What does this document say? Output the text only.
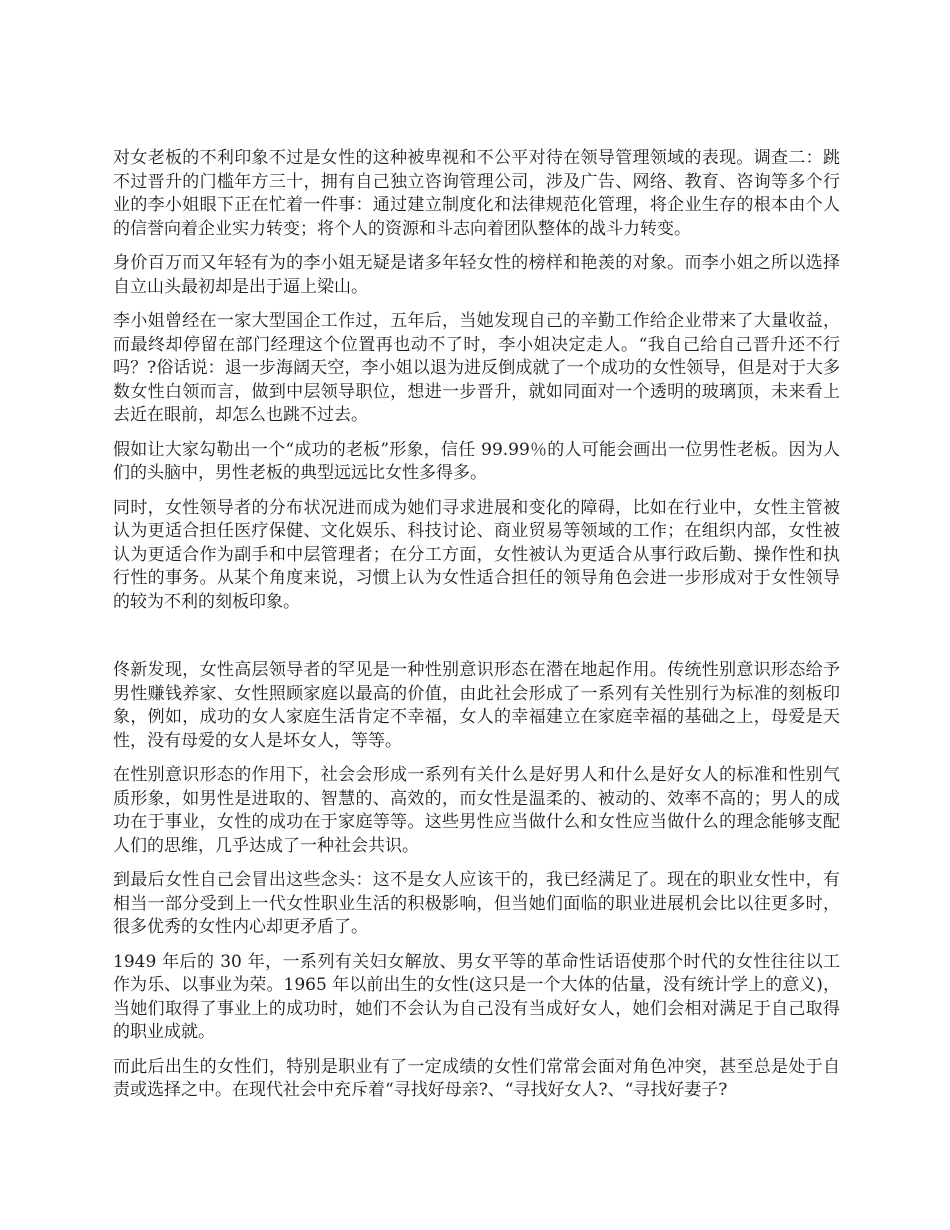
对女老板的不利印象不过是女性的这种被卑视和不公平对待在领导管理领域的表现。调查二：跳不过晋升的门槛年方三十，拥有自己独立咨询管理公司，涉及广告、网络、教育、咨询等多个行业的李小姐眼下正在忙着一件事：通过建立制度化和法律规范化管理，将企业生存的根本由个人的信誉向着企业实力转变；将个人的资源和斗志向着团队整体的战斗力转变。

身价百万而又年轻有为的李小姐无疑是诸多年轻女性的榜样和艳羡的对象。而李小姐之所以选择自立山头最初却是出于逼上梁山。

李小姐曾经在一家大型国企工作过，五年后，当她发现自己的辛勤工作给企业带来了大量收益，而最终却停留在部门经理这个位置再也动不了时，李小姐决定走人。“我自己给自己晋升还不行吗？?俗话说：退一步海阔天空，李小姐以退为进反倒成就了一个成功的女性领导，但是对于大多数女性白领而言，做到中层领导职位，想进一步晋升，就如同面对一个透明的玻璃顶，未来看上去近在眼前，却怎么也跳不过去。

假如让大家勾勒出一个“成功的老板”形象，信任 99.99％的人可能会画出一位男性老板。因为人们的头脑中，男性老板的典型远远比女性多得多。

同时，女性领导者的分布状况进而成为她们寻求进展和变化的障碍，比如在行业中，女性主管被认为更适合担任医疗保健、文化娱乐、科技讨论、商业贸易等领域的工作；在组织内部，女性被认为更适合作为副手和中层管理者；在分工方面，女性被认为更适合从事行政后勤、操作性和执行性的事务。从某个角度来说，习惯上认为女性适合担任的领导角色会进一步形成对于女性领导的较为不利的刻板印象。

佟新发现，女性高层领导者的罕见是一种性别意识形态在潜在地起作用。传统性别意识形态给予男性赚钱养家、女性照顾家庭以最高的价值，由此社会形成了一系列有关性别行为标准的刻板印象，例如，成功的女人家庭生活肯定不幸福，女人的幸福建立在家庭幸福的基础之上，母爱是天性，没有母爱的女人是坏女人，等等。

在性别意识形态的作用下，社会会形成一系列有关什么是好男人和什么是好女人的标准和性别气质形象，如男性是进取的、智慧的、高效的，而女性是温柔的、被动的、效率不高的；男人的成功在于事业，女性的成功在于家庭等等。这些男性应当做什么和女性应当做什么的理念能够支配人们的思维，几乎达成了一种社会共识。

到最后女性自己会冒出这些念头：这不是女人应该干的，我已经满足了。现在的职业女性中，有相当一部分受到上一代女性职业生活的积极影响，但当她们面临的职业进展机会比以往更多时，很多优秀的女性内心却更矛盾了。

1949 年后的 30 年，一系列有关妇女解放、男女平等的革命性话语使那个时代的女性往往以工作为乐、以事业为荣。1965 年以前出生的女性(这只是一个大体的估量，没有统计学上的意义)，当她们取得了事业上的成功时，她们不会认为自己没有当成好女人，她们会相对满足于自己取得的职业成就。

而此后出生的女性们，特别是职业有了一定成绩的女性们常常会面对角色冲突，甚至总是处于自责或选择之中。在现代社会中充斥着“寻找好母亲?、“寻找好女人?、“寻找好妻子?
